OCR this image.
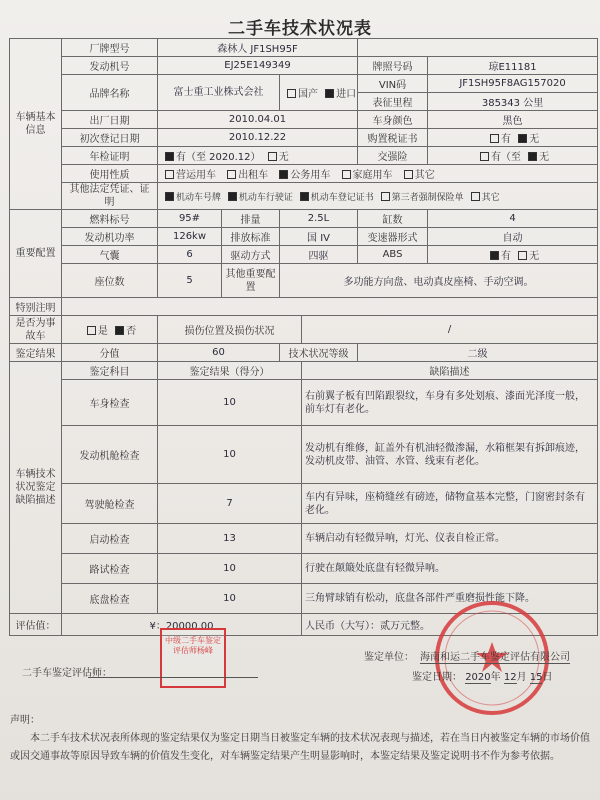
二手车技术状况表
车辆基本信息	厂牌型号	森林人 JF1SH95F					
	发动机号	EJ25E149349				牌照号码	琼E11181
	品牌名称	富士重工业株式会社		国产 进口		VIN码	JF1SH95F8AG157020
						表征里程	385343 公里
	出厂日期	2010.04.01				车身颜色	黑色
	初次登记日期	2010.12.22				购置税证书	有 无
	年检证明	有（至 2020.12） 无				交强险	有（至 无
	使用性质	营运用车 出租车 公务用车 家庭用车 其它					
	其他法定凭证、证明	机动车号牌 机动车行驶证 机动车登记证书 第三者强制保险单 其它					

重要配置	燃料标号	95#	排量	2.5L		缸数	4
	发动机功率	126kw	排放标准	国 IV		变速器形式	自动
	气囊	6	驱动方式	四驱		ABS	有 无
	座位数	5	其他重要配置	多功能方向盘、电动真皮座椅、手动空调。			
特别注明							
是否为事故车	是 否	损伤位置及损伤状况			/		
鉴定结果	分值	60		技术状况等级		二级	
车辆技术状况鉴定缺陷描述	鉴定科目	鉴定结果（得分）			缺陷描述		
	车身检查	10			右前翼子板有凹陷跟裂纹，车身有多处划痕、漆面光泽度一般，前车灯有老化。		
	发动机舱检查	10			发动机有维修，缸盖外有机油轻微渗漏，水箱框架有拆卸痕迹，发动机皮带、油管、水管、线束有老化。		
	驾驶舱检查	7			车内有异味，座椅缝丝有磅迹，储物盒基本完整，门窗密封条有老化。		
	启动检查	13			车辆启动有轻微异响，灯光、仪表自检正常。		
	路试检查	10			行驶在颠簸处底盘有轻微异响。		
	底盘检查	10			三角臂球销有松动，底盘各部件严重磨损性能下降。		
评估值：	¥：20000.00				人民币（大写）：贰万元整。		
中级二手车鉴定评估师杨峰
二手车鉴定评估师：
鉴定单位： 海南和运二手车鉴定评估有限公司
鉴定日期： 2020年 12月 15日
声明：
本二手车技术状况表所体现的鉴定结果仅为鉴定日期当日被鉴定车辆的技术状况表现与描述，若在当日内被鉴定车辆的市场价值或因交通事故等原因导致车辆的价值发生变化，对车辆鉴定结果产生明显影响时，本鉴定结果及鉴定说明书不作为参考依据。
